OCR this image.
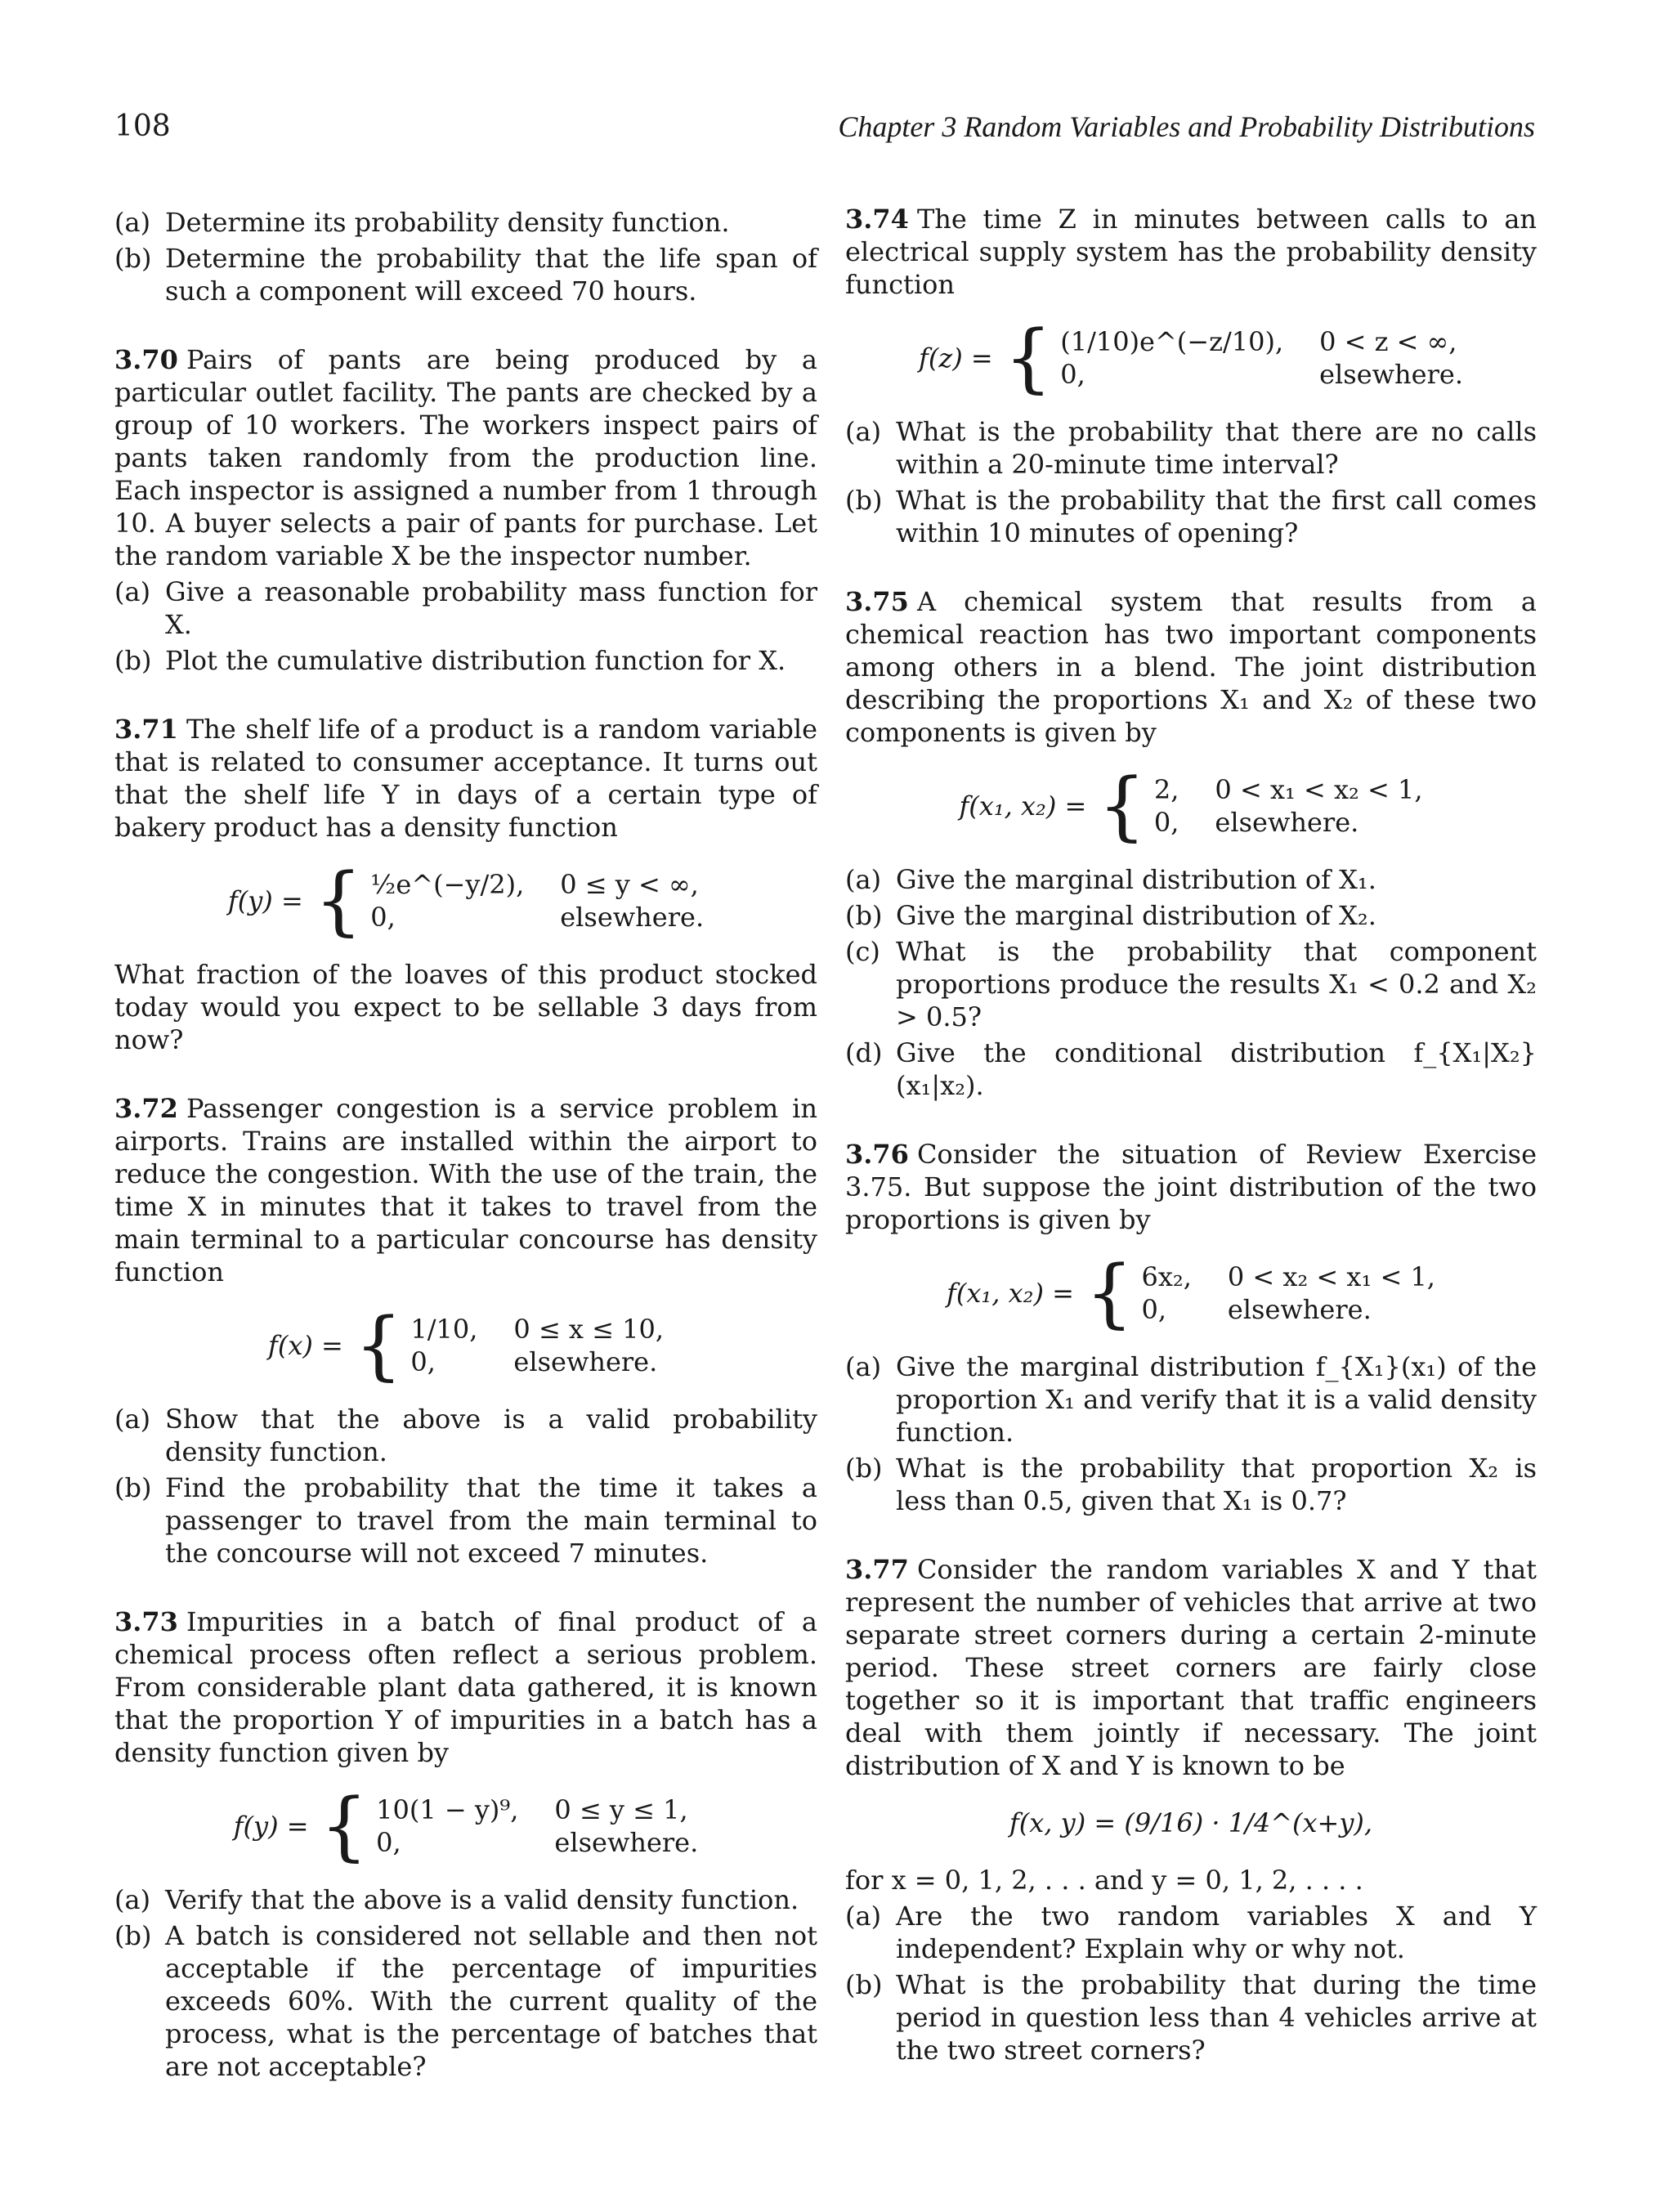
108	Chapter 3 Random Variables and Probability Distributions
(a) Determine its probability density function.
(b) Determine the probability that the life span of such a component will exceed 70 hours.

3.70 Pairs of pants are being produced by a particular outlet facility. The pants are checked by a group of 10 workers. The workers inspect pairs of pants taken randomly from the production line. Each inspector is assigned a number from 1 through 10. A buyer selects a pair of pants for purchase. Let the random variable X be the inspector number.

(a) Give a reasonable probability mass function for X.
(b) Plot the cumulative distribution function for X.

3.71 The shelf life of a product is a random variable that is related to consumer acceptance. It turns out that the shelf life Y in days of a certain type of bakery product has a density function

f(y) = { ½e^(−y/2), 0 ≤ y < ∞,
0,	elsewhere.

What fraction of the loaves of this product stocked today would you expect to be sellable 3 days from now?

3.72 Passenger congestion is a service problem in airports. Trains are installed within the airport to reduce the congestion. With the use of the train, the time X in minutes that it takes to travel from the main terminal to a particular concourse has density function

f(x) = { 1/10, 0 ≤ x ≤ 10,
0,	elsewhere.
(a) Show that the above is a valid probability density function.
(b) Find the probability that the time it takes a passenger to travel from the main terminal to the concourse will not exceed 7 minutes.

3.73 Impurities in a batch of final product of a chemical process often reflect a serious problem. From considerable plant data gathered, it is known that the proportion Y of impurities in a batch has a density function given by

f(y) = { 10(1 − y)⁹, 0 ≤ y ≤ 1,
0,	elsewhere.
(a) Verify that the above is a valid density function.
(b) A batch is considered not sellable and then not acceptable if the percentage of impurities exceeds 60%. With the current quality of the process, what is the percentage of batches that are not acceptable?

3.74 The time Z in minutes between calls to an electrical supply system has the probability density function

f(z) = { (1/10)e^(−z/10), 0 < z < ∞,
0,	elsewhere.
(a) What is the probability that there are no calls within a 20-minute time interval?
(b) What is the probability that the first call comes within 10 minutes of opening?

3.75 A chemical system that results from a chemical reaction has two important components among others in a blend. The joint distribution describing the proportions X₁ and X₂ of these two components is given by

f(x₁, x₂) = { 2, 0 < x₁ < x₂ < 1,
0, elsewhere.
(a) Give the marginal distribution of X₁.
(b) Give the marginal distribution of X₂.
(c) What is the probability that component proportions produce the results X₁ < 0.2 and X₂ > 0.5?
(d) Give the conditional distribution f_{X₁|X₂}(x₁|x₂).

3.76 Consider the situation of Review Exercise 3.75. But suppose the joint distribution of the two proportions is given by

f(x₁, x₂) = { 6x₂, 0 < x₂ < x₁ < 1,
0,	elsewhere.
(a) Give the marginal distribution f_{X₁}(x₁) of the proportion X₁ and verify that it is a valid density function.
(b) What is the probability that proportion X₂ is less than 0.5, given that X₁ is 0.7?

3.77 Consider the random variables X and Y that represent the number of vehicles that arrive at two separate street corners during a certain 2-minute period. These street corners are fairly close together so it is important that traffic engineers deal with them jointly if necessary. The joint distribution of X and Y is known to be

f(x, y) = (9/16) · 1/4^(x+y),

for x = 0, 1, 2, . . . and y = 0, 1, 2, . . . .

(a) Are the two random variables X and Y independent? Explain why or why not.
(b) What is the probability that during the time period in question less than 4 vehicles arrive at the two street corners?
